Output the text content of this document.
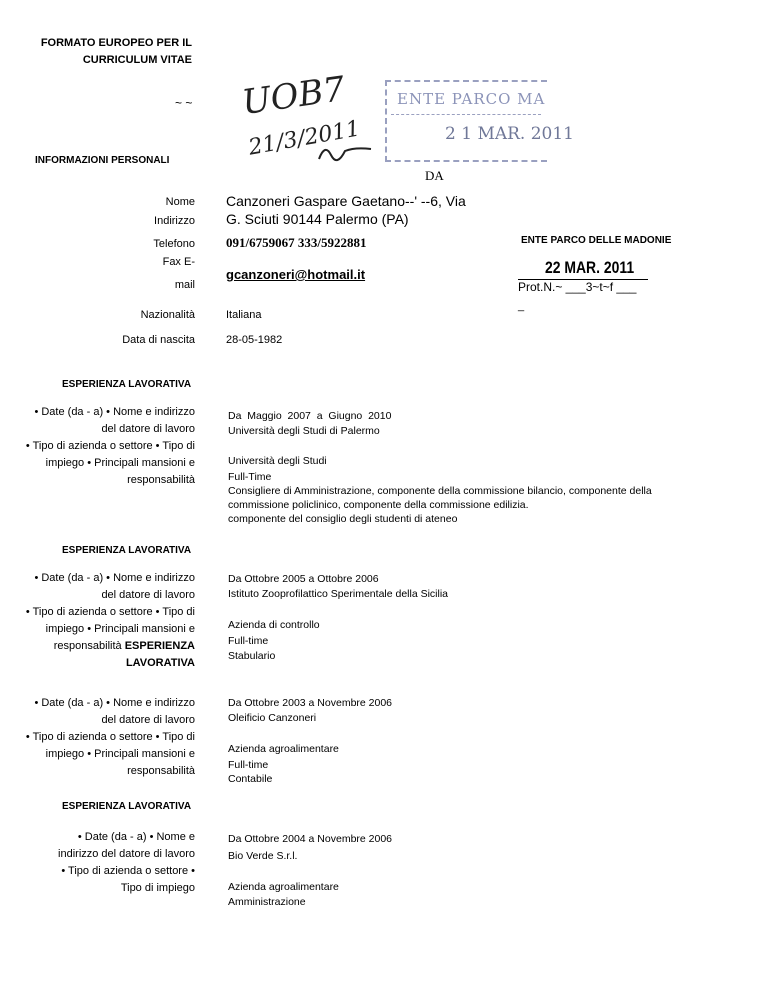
FORMATO EUROPEO PER IL
CURRICULUM VITAE
~ ~ UOB7
21/3/2011
ENTE PARCO MA
2 1 MAR. 2011
INFORMAZIONI PERSONALI
DA
Nome Canzoneri Gaspare Gaetano--' --6, Via
Indirizzo G. Sciuti 90144 Palermo (PA)
Telefono 091/6759067 333/5922881
Fax E-
mail
gcanzoneri@hotmail.it
ENTE PARCO DELLE MADONIE
22 MAR. 2011
Prot.N.~ ___3~t~f ___
_
Nazionalità	Italiana
Data di nascita	28-05-1982
ESPERIENZA LAVORATIVA
• Date (da - a) • Nome e indirizzo
del datore di lavoro
• Tipo di azienda o settore • Tipo di
impiego • Principali mansioni e
responsabilità
Da  Maggio  2007  a  Giugno  2010
Università degli Studi di Palermo
Università degli Studi
Full-Time
Consigliere di Amministrazione, componente della commissione bilancio, componente della
commissione policlinico, componente della commissione edilizia.
componente del consiglio degli studenti di ateneo
ESPERIENZA LAVORATIVA
• Date (da - a) • Nome e indirizzo
del datore di lavoro
• Tipo di azienda o settore • Tipo di
impiego • Principali mansioni e
responsabilità ESPERIENZA
LAVORATIVA
Da Ottobre 2005 a Ottobre 2006
Istituto Zooprofilattico Sperimentale della Sicilia
Azienda di controllo
Full-time
Stabulario
• Date (da - a) • Nome e indirizzo
del datore di lavoro
• Tipo di azienda o settore • Tipo di
impiego • Principali mansioni e
responsabilità
Da Ottobre 2003 a Novembre 2006
Oleificio Canzoneri
Azienda agroalimentare
Full-time
Contabile
ESPERIENZA LAVORATIVA
• Date (da - a) • Nome e
indirizzo del datore di lavoro
• Tipo di azienda o settore •
Tipo di impiego
Da Ottobre 2004 a Novembre 2006
Bio Verde S.r.l.
Azienda agroalimentare
Amministrazione
